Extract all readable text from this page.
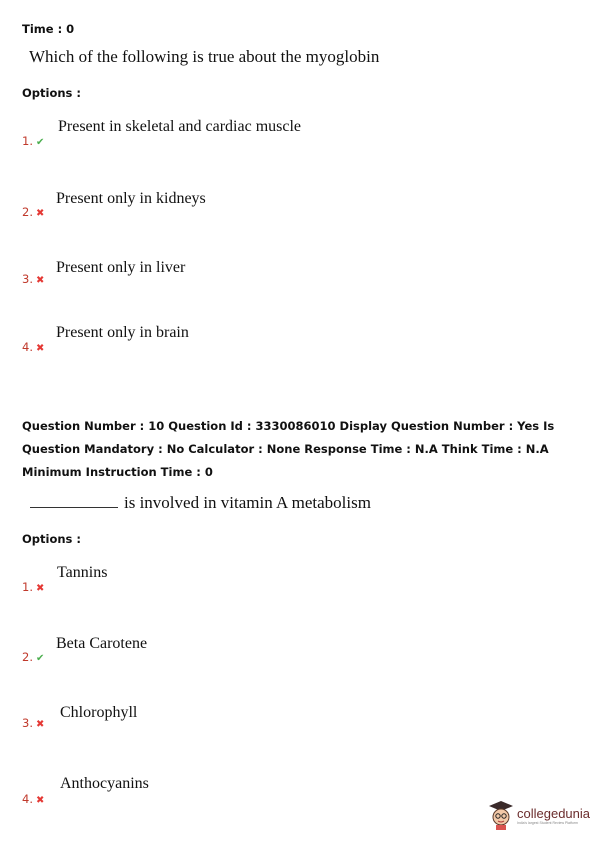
Time : 0
Which of the following is true about the myoglobin
Options :
1. ✔
Present in skeletal and cardiac muscle
2. ✖
Present only in kidneys
3. ✖
Present only in liver
4. ✖
Present only in brain
Question Number : 10 Question Id : 3330086010 Display Question Number : Yes Is Question Mandatory : No Calculator : None Response Time : N.A Think Time : N.A Minimum Instruction Time : 0
is involved in vitamin A metabolism
Options :
1. ✖
Tannins
2. ✔
Beta Carotene
3. ✖
Chlorophyll
4. ✖
Anthocyanins
collegedunia
India's largest Student Review Platform
